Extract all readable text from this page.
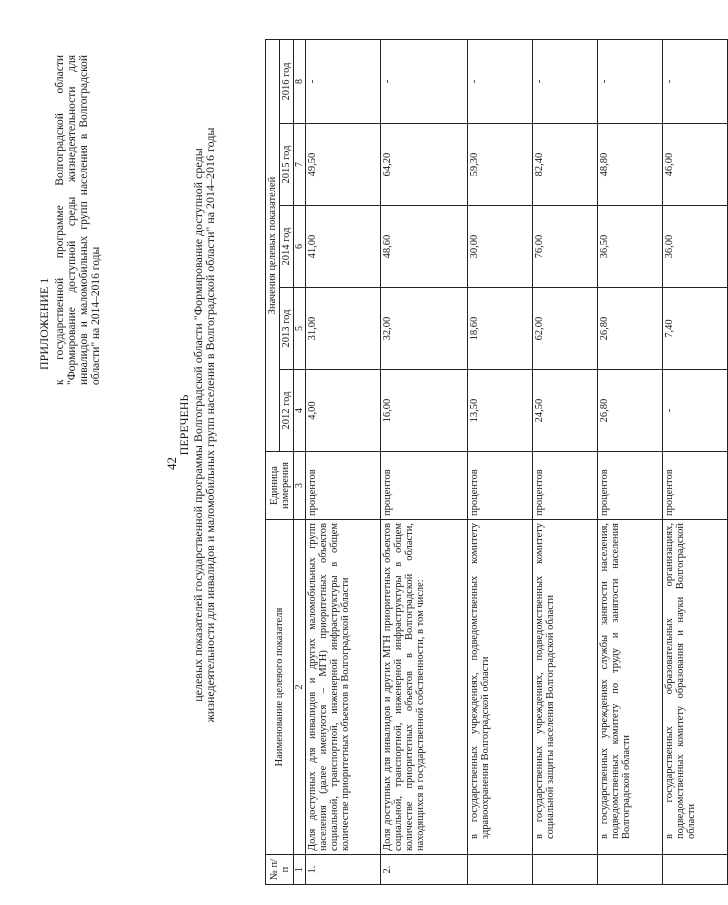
42
ПРИЛОЖЕНИЕ 1 к государственной программе Волгоградской области "Формирование доступной среды жизнедеятельности для инвалидов и маломобильных групп населения в Волгоградской области" на 2014–2016 годы
ПЕРЕЧЕНЬ целевых показателей государственной программы Волгоградской области "Формирование доступной среды жизнедеятельности для инвалидов и маломобильных групп населения в Волгоградской области" на 2014–2016 годы
№ п/п	Наименование целевого показателя	Единица измерения	Значения целевых показателей				
			2012 год	2013 год	2014 год	2015 год	2016 год
1	2	3	4	5	6	7	8
1.	Доля доступных для инвалидов и других маломобильных групп населения (далее именуются – МГН) приоритетных объектов социальной, транспортной, инженерной инфраструктуры в общем количестве приоритетных объектов в Волгоградской области	процентов	4,00	31,00	41,00	49,50	-
2.	Доля доступных для инвалидов и других МГН приоритетных объектов социальной, транспортной, инженерной инфраструктуры в общем количестве приоритетных объектов в Волгоградской области, находящихся в государственной собственности, в том числе:	процентов	16,00	32,00	48,60	64,20	-

	в государственных учреждениях, подведомственных комитету здравоохранения Волгоградской области	процентов	13,50	18,60	30,00	59,30	-

	в государственных учреждениях, подведомственных комитету социальной защиты населения Волгоградской области	процентов	24,50	62,00	76,00	82,40	-

	в государственных учреждениях службы занятости населения, подведомственных комитету по труду и занятости населения Волгоградской области	процентов	26,80	26,80	36,50	48,80	-

	в государственных образовательных организациях, подведомственных комитету образования и науки Волгоградской области	процентов	-	7,40	36,00	46,00	-
